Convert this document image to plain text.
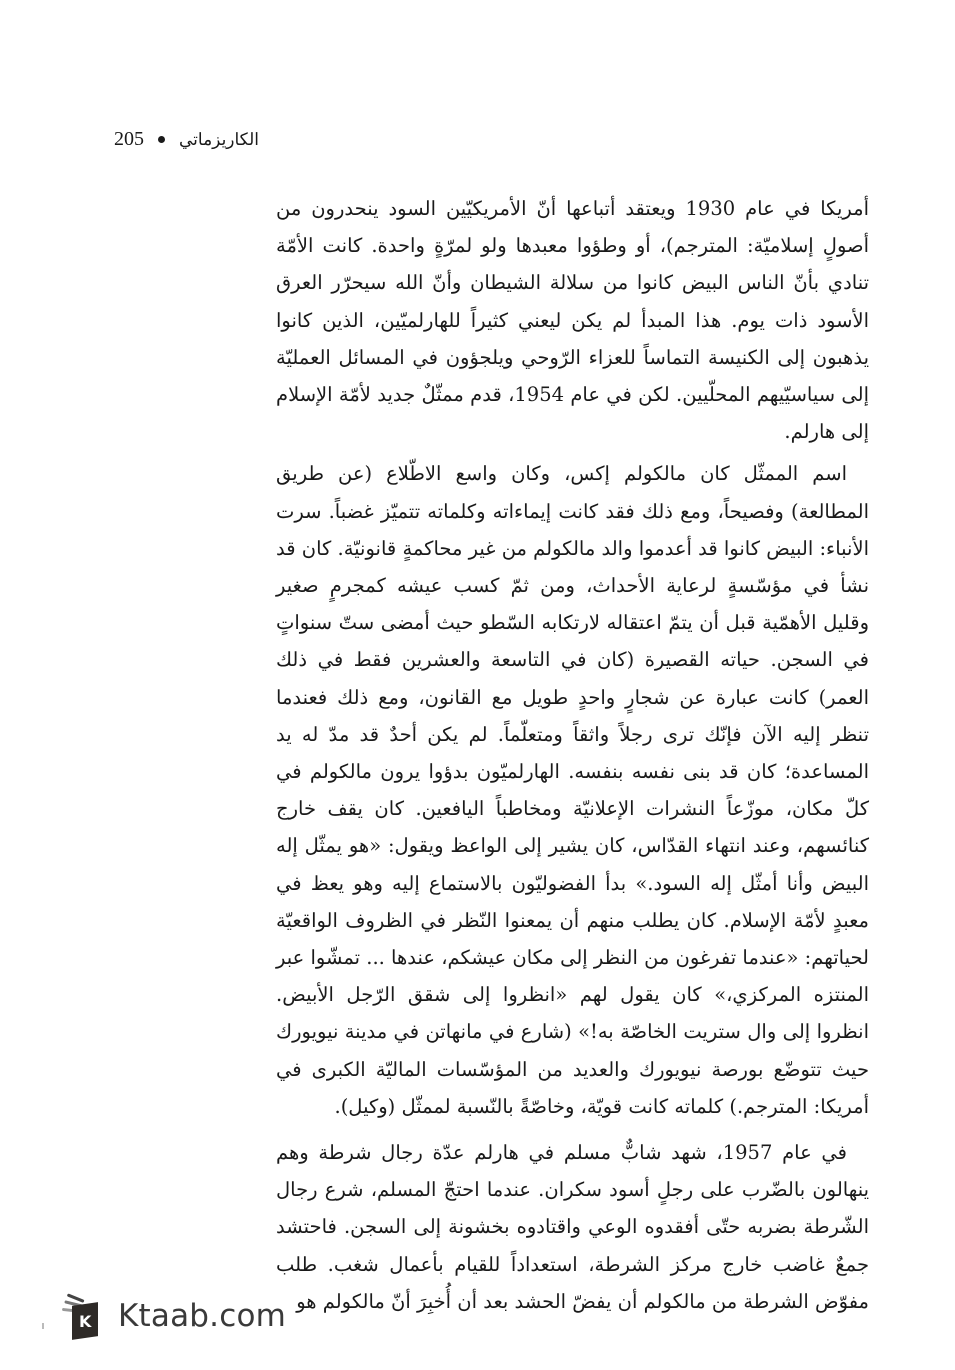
205 الكاريزماتي

أمريكا في عام 1930 ويعتقد أتباعها أنّ الأمريكيّين السود ينحدرون من أصولٍ إسلاميّة: المترجم)، أو وطؤوا معبدها ولو لمرّةٍ واحدة. كانت الأمّة تنادي بأنّ الناس البيض كانوا من سلالة الشيطان وأنّ الله سيحرّر العرق الأسود ذات يوم. هذا المبدأ لم يكن ليعني كثيراً للهارلميّين، الذين كانوا يذهبون إلى الكنيسة التماساً للعزاء الرّوحي ويلجؤون في المسائل العمليّة إلى سياسيّيهم المحلّيين. لكن في عام 1954، قدم ممثّلٌ جديد لأمّة الإسلام إلى هارلم.

اسم الممثّل كان مالكولم إكس، وكان واسع الاطّلاع (عن طريق المطالعة) وفصيحاً، ومع ذلك فقد كانت إيماءاته وكلماته تتميّز غضباً. سرت الأنباء: البيض كانوا قد أعدموا والد مالكولم من غير محاكمةٍ قانونيّة. كان قد نشأ في مؤسّسةٍ لرعاية الأحداث، ومن ثمّ كسب عيشه كمجرمٍ صغير وقليل الأهمّية قبل أن يتمّ اعتقاله لارتكابه السّطو حيث أمضى ستّ سنواتٍ في السجن. حياته القصيرة (كان في التاسعة والعشرين فقط في ذلك العمر) كانت عبارة عن شجارٍ واحدٍ طويل مع القانون، ومع ذلك فعندما تنظر إليه الآن فإنّك ترى رجلاً واثقاً ومتعلّماً. لم يكن أحدٌ قد مدّ له يد المساعدة؛ كان قد بنى نفسه بنفسه. الهارلميّون بدؤوا يرون مالكولم في كلّ مكان، موزّعاً النشرات الإعلانيّة ومخاطباً اليافعين. كان يقف خارج كنائسهم، وعند انتهاء القدّاس، كان يشير إلى الواعظ ويقول: «هو يمثّل إله البيض وأنا أمثّل إله السود.» بدأ الفضوليّون بالاستماع إليه وهو يعظ في معبدٍ لأمّة الإسلام. كان يطلب منهم أن يمعنوا النّظر في الظروف الواقعيّة لحياتهم: «عندما تفرغون من النظر إلى مكان عيشكم، عندها ... تمشّوا عبر المنتزه المركزي،» كان يقول لهم «انظروا إلى شقق الرّجل الأبيض. انظروا إلى وال ستريت الخاصّة به!» (شارع في مانهاتن في مدينة نيويورك حيث تتوضّع بورصة نيويورك والعديد من المؤسّسات الماليّة الكبرى في أمريكا: المترجم.) كلماته كانت قويّة، وخاصّةً بالنّسبة لممثّل (وكيل).

في عام 1957، شهد شابٌّ مسلم في هارلم عدّة رجال شرطة وهم ينهالون بالضّرب على رجلٍ أسود سكران. عندما احتجّ المسلم، شرع رجال الشّرطة بضربه حتّى أفقدوه الوعي واقتادوه بخشونة إلى السجن. فاحتشد جمعٌ غاضب خارج مركز الشرطة، استعداداً للقيام بأعمال شغب. طلب مفوّض الشرطة من مالكولم أن يفضّ الحشد بعد أن أُخبِرَ أنّ مالكولم هو

K Ktaab.com
